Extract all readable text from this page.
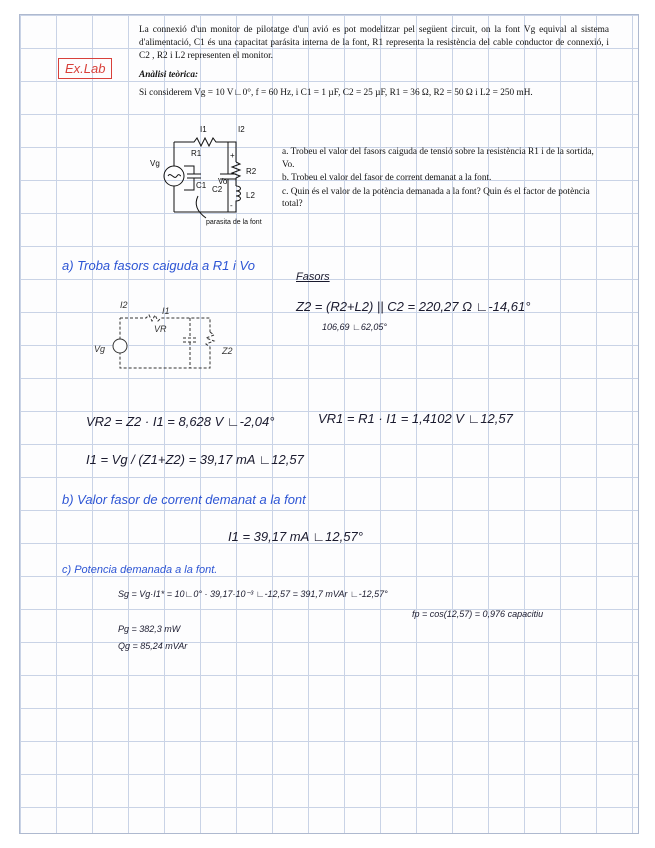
Ex.Lab

La connexió d'un monitor de pilotatge d'un avió es pot modelitzar pel següent circuit, on la font Vg equival al sistema d'alimentació, C1 és una capacitat parásita interna de la font, R1 representa la resistència del cable conductor de connexió, i C2 , R2 i L2 representen el monitor.

Anàlisi teòrica:

Si considerem Vg = 10 V∟0°, f = 60 Hz, i C1 = 1 µF, C2 = 25 µF, R1 = 36 Ω, R2 = 50 Ω i L2 = 250 mH.

I1	I2
R1
R2
+
-
Vg
C1 C2
Vo
L2
parasita de la font
a. Trobeu el valor del fasors caiguda de tensió sobre la resistència R1 i de la sortida, Vo.
b. Trobeu el valor del fasor de corrent demanat a la font.
c. Quin és el valor de la potència demanada a la font? Quin és el factor de potència total?
a) Troba fasors caiguda a R1 i Vo
Fasors
Z2 = (R2+L2) || C2 = 220,27 Ω ∟-14,61°
106,69 ∟62,05°
I2
I1
VR
Vg	Z2
VR2 = Z2 · I1 = 8,628 V ∟-2,04°	VR1 = R1 · I1 = 1,4102 V ∟12,57
I1 = Vg / (Z1+Z2) = 39,17 mA ∟12,57
b) Valor fasor de corrent demanat a la font
I1 = 39,17 mA ∟12,57°
c) Potencia demanada a la font.
Sg = Vg·I1* = 10∟0° · 39,17·10⁻³ ∟-12,57 = 391,7 mVAr ∟-12,57°
fp = cos(12,57) = 0,976 capacitiu
Pg = 382,3 mW
Qg = 85,24 mVAr
